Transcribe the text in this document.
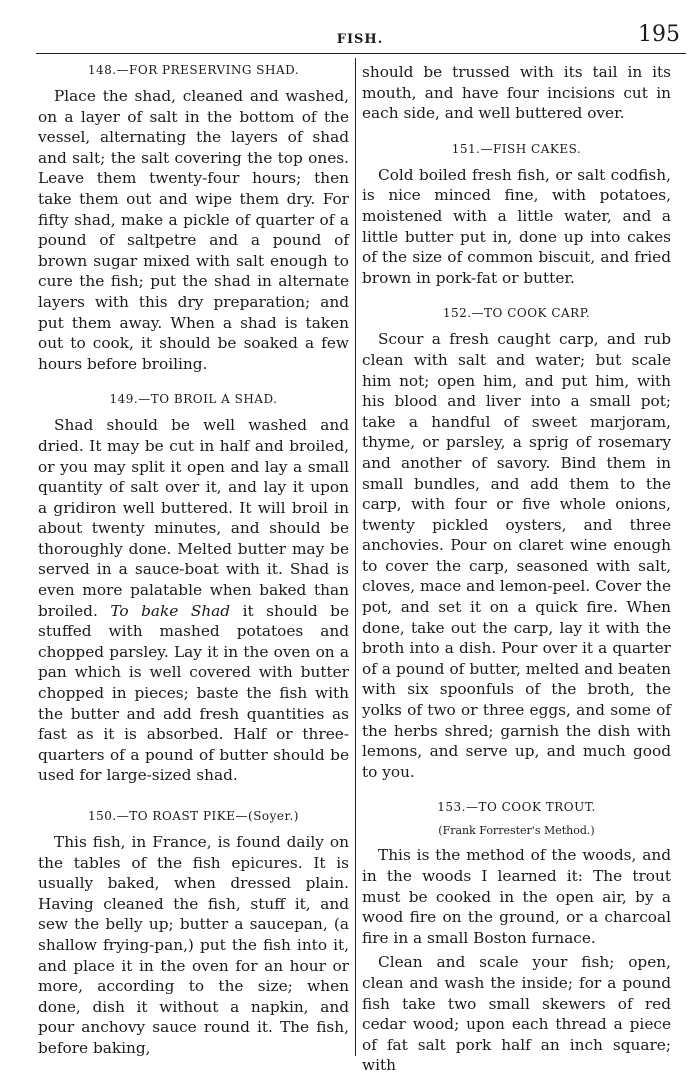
FISH.	195
148.—FOR PRESERVING SHAD.

Place the shad, cleaned and washed, on a layer of salt in the bottom of the vessel, alternating the layers of shad and salt; the salt covering the top ones. Leave them twenty-four hours; then take them out and wipe them dry. For fifty shad, make a pickle of quarter of a pound of saltpetre and a pound of brown sugar mixed with salt enough to cure the fish; put the shad in alternate layers with this dry preparation; and put them away. When a shad is taken out to cook, it should be soaked a few hours before broiling.

149.—TO BROIL A SHAD.

Shad should be well washed and dried. It may be cut in half and broiled, or you may split it open and lay a small quantity of salt over it, and lay it upon a gridiron well buttered. It will broil in about twenty minutes, and should be thoroughly done. Melted butter may be served in a sauce-boat with it. Shad is even more palatable when baked than broiled. To bake Shad it should be stuffed with mashed potatoes and chopped parsley. Lay it in the oven on a pan which is well covered with butter chopped in pieces; baste the fish with the butter and add fresh quantities as fast as it is absorbed. Half or three-quarters of a pound of butter should be used for large-sized shad.

150.—TO ROAST PIKE—(Soyer.)

This fish, in France, is found daily on the tables of the fish epicures. It is usually baked, when dressed plain. Having cleaned the fish, stuff it, and sew the belly up; butter a saucepan, (a shallow frying-pan,) put the fish into it, and place it in the oven for an hour or more, according to the size; when done, dish it without a napkin, and pour anchovy sauce round it. The fish, before baking,

should be trussed with its tail in its mouth, and have four incisions cut in each side, and well buttered over.

151.—FISH CAKES.

Cold boiled fresh fish, or salt codfish, is nice minced fine, with potatoes, moistened with a little water, and a little butter put in, done up into cakes of the size of common biscuit, and fried brown in pork-fat or butter.

152.—TO COOK CARP.

Scour a fresh caught carp, and rub clean with salt and water; but scale him not; open him, and put him, with his blood and liver into a small pot; take a handful of sweet marjoram, thyme, or parsley, a sprig of rosemary and another of savory. Bind them in small bundles, and add them to the carp, with four or five whole onions, twenty pickled oysters, and three anchovies. Pour on claret wine enough to cover the carp, seasoned with salt, cloves, mace and lemon-peel. Cover the pot, and set it on a quick fire. When done, take out the carp, lay it with the broth into a dish. Pour over it a quarter of a pound of butter, melted and beaten with six spoonfuls of the broth, the yolks of two or three eggs, and some of the herbs shred; garnish the dish with lemons, and serve up, and much good to you.

153.—TO COOK TROUT.
(Frank Forrester's Method.)

This is the method of the woods, and in the woods I learned it: The trout must be cooked in the open air, by a wood fire on the ground, or a charcoal fire in a small Boston furnace.

Clean and scale your fish; open, clean and wash the inside; for a pound fish take two small skewers of red cedar wood; upon each thread a piece of fat salt pork half an inch square; with
